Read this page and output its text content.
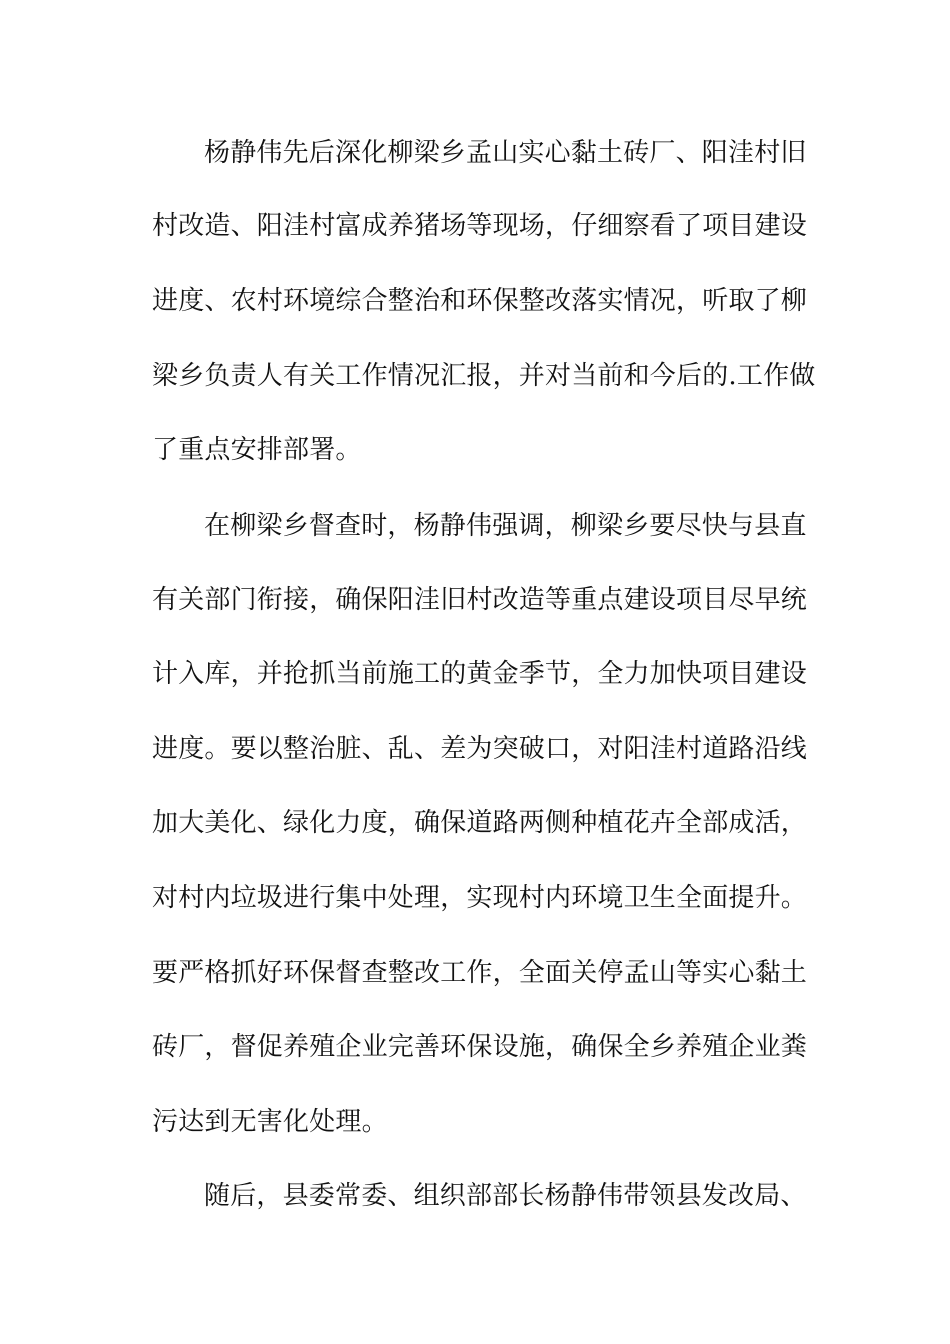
杨静伟先后深化柳梁乡孟山实心黏土砖厂、阳洼村旧

村改造、阳洼村富成养猪场等现场，仔细察看了项目建设

进度、农村环境综合整治和环保整改落实情况，听取了柳

梁乡负责人有关工作情况汇报，并对当前和今后的.工作做

了重点安排部署。

在柳梁乡督查时，杨静伟强调，柳梁乡要尽快与县直

有关部门衔接，确保阳洼旧村改造等重点建设项目尽早统

计入库，并抢抓当前施工的黄金季节，全力加快项目建设

进度。要以整治脏、乱、差为突破口，对阳洼村道路沿线

加大美化、绿化力度，确保道路两侧种植花卉全部成活，

对村内垃圾进行集中处理，实现村内环境卫生全面提升。

要严格抓好环保督查整改工作，全面关停孟山等实心黏土

砖厂，督促养殖企业完善环保设施，确保全乡养殖企业粪

污达到无害化处理。

随后，县委常委、组织部部长杨静伟带领县发改局、
